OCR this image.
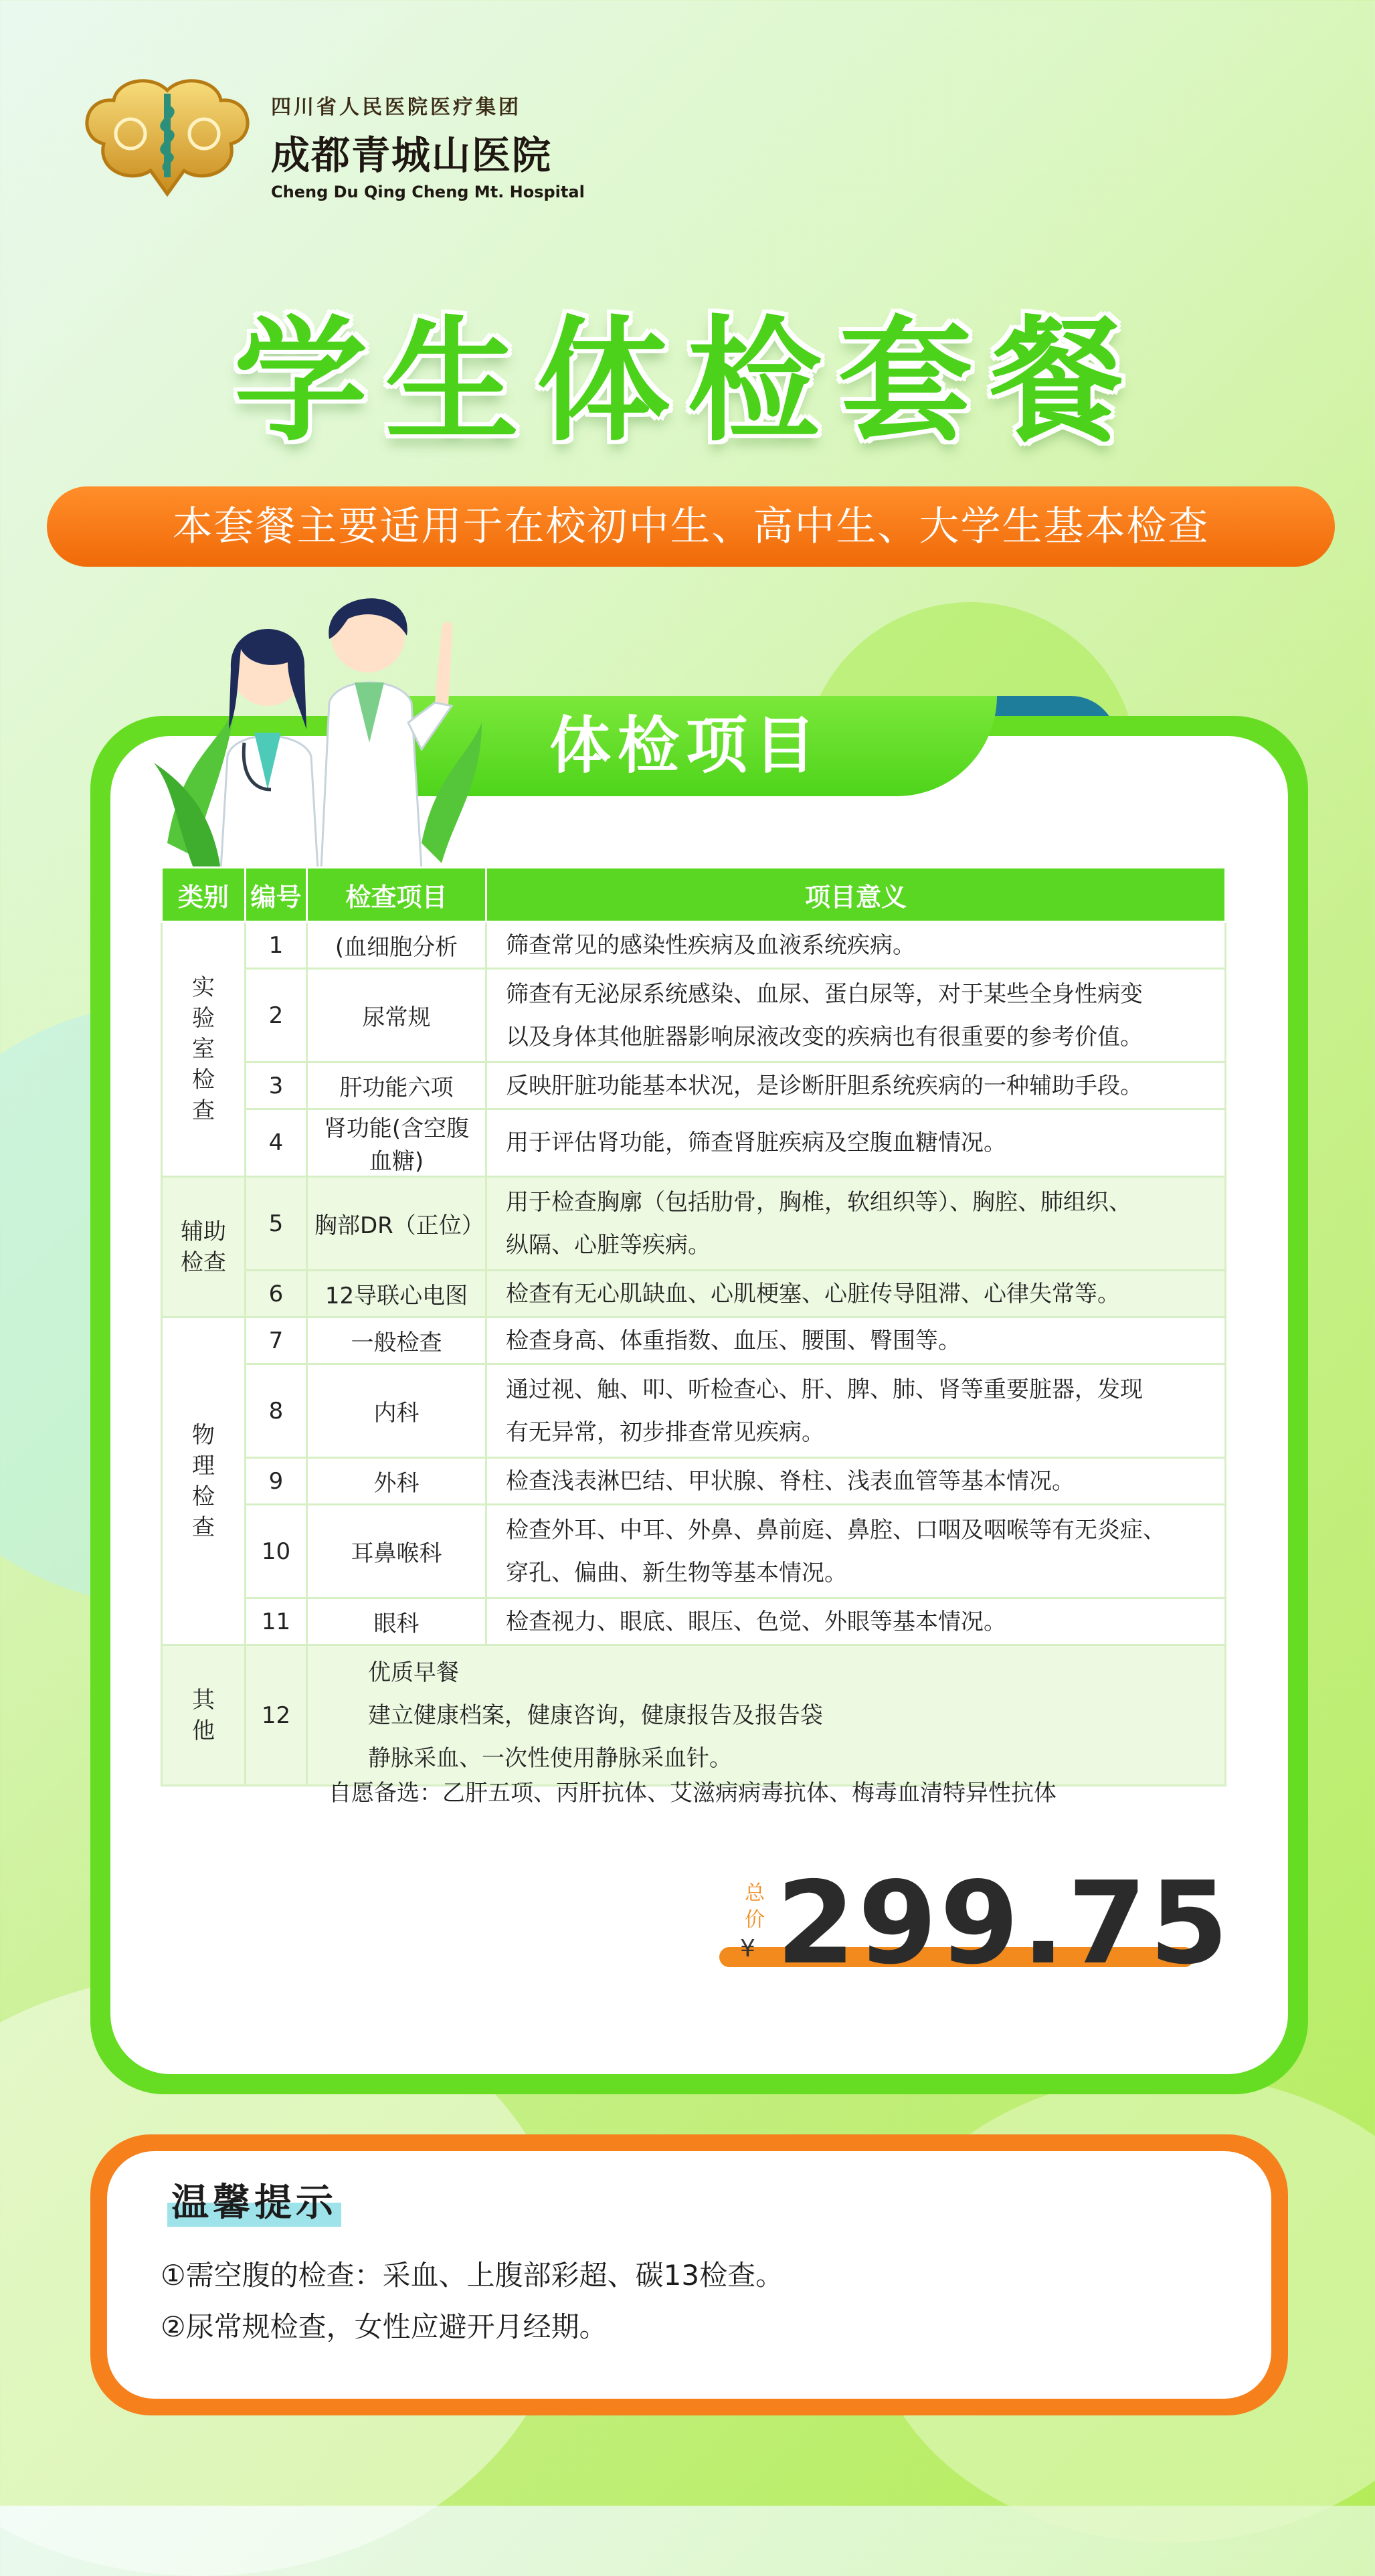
四川省人民医院医疗集团
成都青城山医院
Cheng Du Qing Cheng Mt. Hospital
学生体检套餐
本套餐主要适用于在校初中生、高中生、大学生基本检查
体检项目
类别	编号	检查项目	项目意义
实验室检查	1	(血细胞分析	筛查常见的感染性疾病及血液系统疾病。
	2	尿常规	筛查有无泌尿系统感染、血尿、蛋白尿等，对于某些全身性病变
以及身体其他脏器影响尿液改变的疾病也有很重要的参考价值。

	3	肝功能六项	反映肝脏功能基本状况，是诊断肝胆系统疾病的一种辅助手段。
	4	肾功能(含空腹血糖)	用于评估肾功能，筛查肾脏疾病及空腹血糖情况。
辅助检查	5	胸部DR（正位）	用于检查胸廓（包括肋骨，胸椎，软组织等）、胸腔、肺组织、
纵隔、心脏等疾病。

	6	12导联心电图	检查有无心肌缺血、心肌梗塞、心脏传导阻滞、心律失常等。
物理检查	7	一般检查	检查身高、体重指数、血压、腰围、臀围等。
	8	内科	通过视、触、叩、听检查心、肝、脾、肺、肾等重要脏器，发现
有无异常，初步排查常见疾病。

	9	外科	检查浅表淋巴结、甲状腺、脊柱、浅表血管等基本情况。
	10	耳鼻喉科	检查外耳、中耳、外鼻、鼻前庭、鼻腔、口咽及咽喉等有无炎症、
穿孔、偏曲、新生物等基本情况。

	11	眼科	检查视力、眼底、眼压、色觉、外眼等基本情况。
其他	12	优质早餐
建立健康档案，健康咨询，健康报告及报告袋
静脉采血、一次性使用静脉采血针。	
自愿备选：乙肝五项、丙肝抗体、艾滋病病毒抗体、梅毒血清特异性抗体
总价
¥ 299.75
温馨提示
①需空腹的检查：采血、上腹部彩超、碳13检查。
②尿常规检查，女性应避开月经期。
